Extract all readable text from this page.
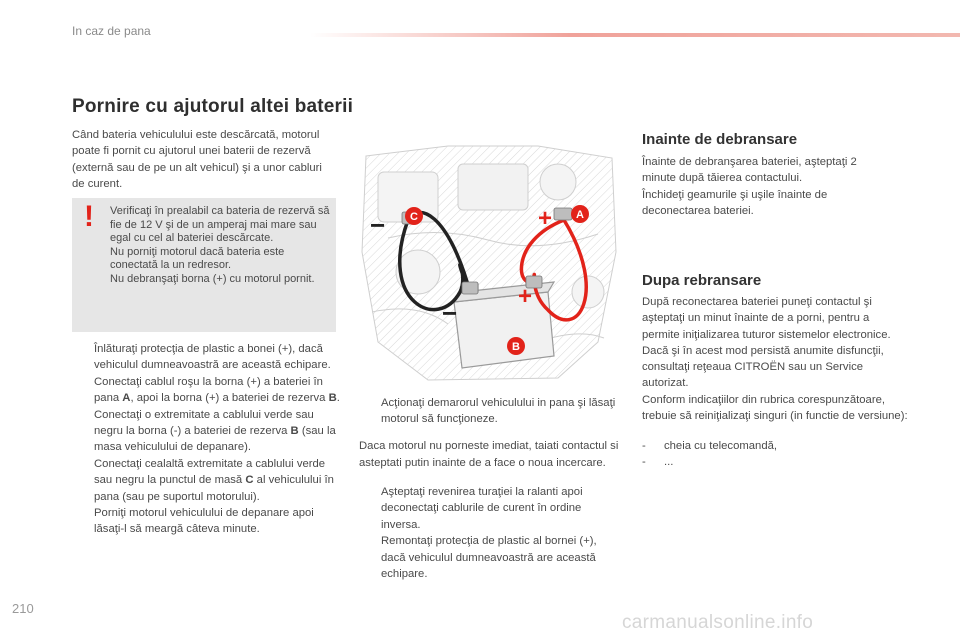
In caz de pana
Pornire cu ajutorul altei baterii

Când bateria vehiculului este descărcată, motorul poate fi pornit cu ajutorul unei baterii de rezervă (externă sau de pe un alt vehicul) şi a unor cabluri de curent.

! Verificaţi în prealabil ca bateria de rezervă să fie de 12 V şi de un amperaj mai mare sau egal cu cel al bateriei descărcate.
Nu porniţi motorul dacă bateria este conectată la un redresor.
Nu debranşaţi borna (+) cu motorul pornit.
Înlăturaţi protecţia de plastic a bonei (+), dacă vehiculul dumneavoastră are această echipare.
Conectaţi cablul roşu la borna (+) a bateriei în pana A, apoi la borna (+) a bateriei de rezerva B.
Conectaţi o extremitate a cablului verde sau negru la borna (-) a bateriei de rezerva B (sau la masa vehiculului de depanare).
Conectaţi cealaltă extremitate a cablului verde sau negru la punctul de masă C al vehiculului în pana (sau pe suportul motorului).
Porniţi motorul vehiculului de depanare apoi lăsaţi-l să meargă câteva minute.
+
+
−
−
A
C
B
Acţionaţi demarorul vehiculului in pana şi lăsaţi motorul să funcţioneze.

Daca motorul nu porneste imediat, taiati contactul si asteptati putin inainte de a face o noua incercare.

Aşteptaţi revenirea turaţiei la ralanti apoi deconectaţi cablurile de curent în ordine inversa.
Remontaţi protecţia de plastic al bornei (+), dacă vehiculul dumneavoastră are această echipare.
Inainte de debransare
Înainte de debranşarea bateriei, aşteptaţi 2 minute după tăierea contactului.
Închideţi geamurile şi uşile înainte de deconectarea bateriei.
Dupa rebransare
După reconectarea bateriei puneţi contactul şi aşteptaţi un minut înainte de a porni, pentru a permite iniţializarea tuturor sistemelor electronice. Dacă şi în acest mod persistă anumite disfuncţii, consultaţi reţeaua CITROËN sau un Service autorizat.
Conform indicaţiilor din rubrica corespunzătoare, trebuie să reiniţializaţi singuri (in functie de versiune):
-	cheia cu telecomandă,
-	...
210
carmanualsonline.info
